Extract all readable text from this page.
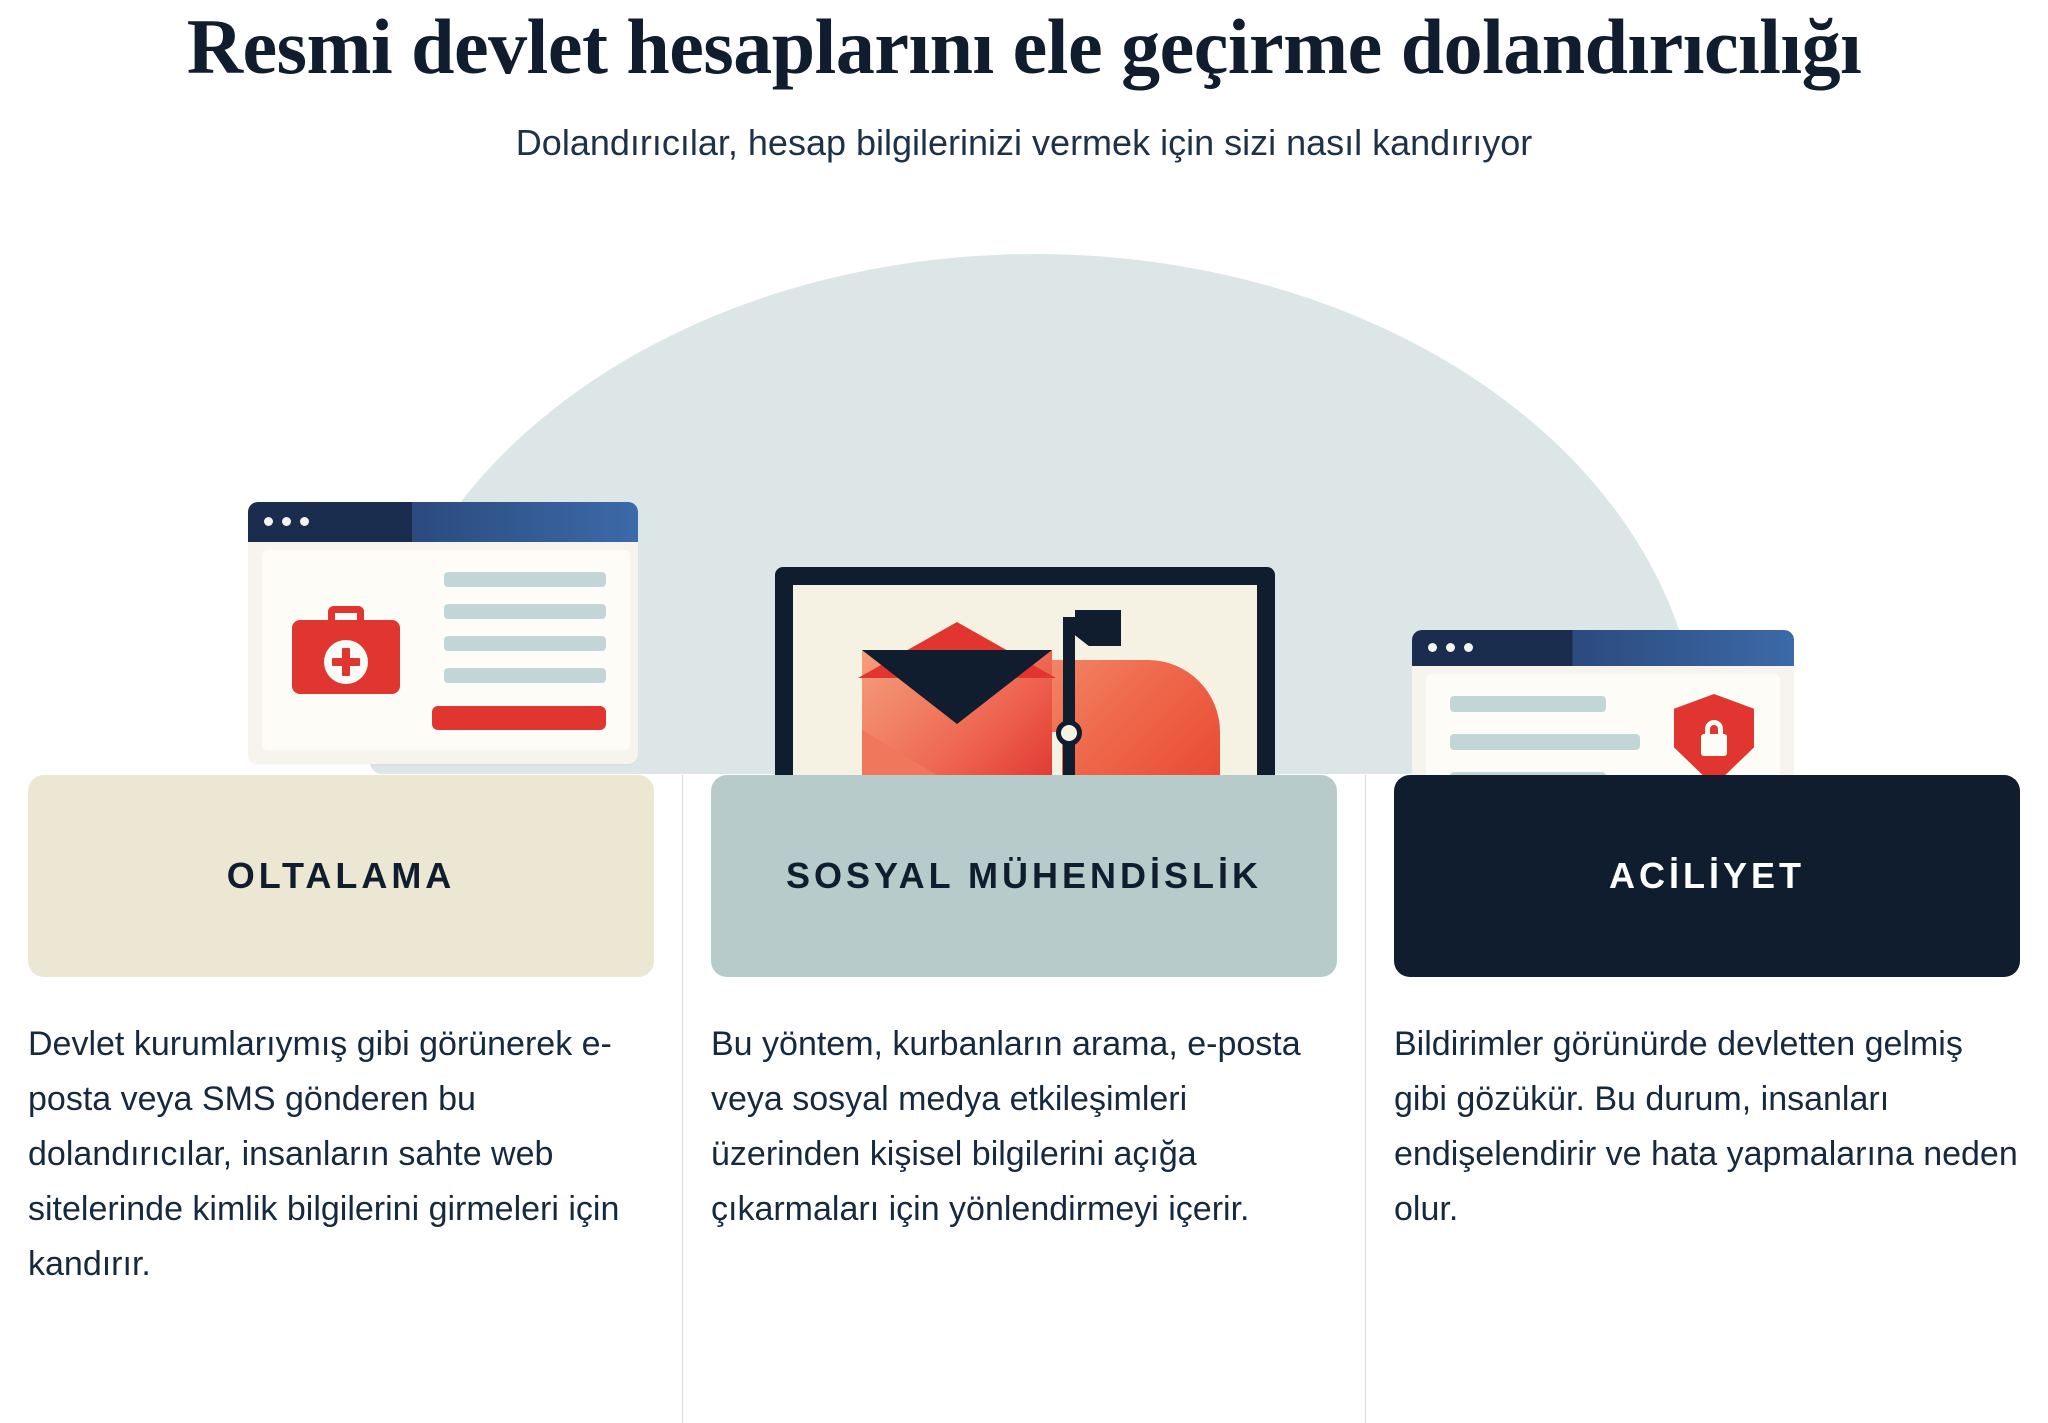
Resmi devlet hesaplarını ele geçirme dolandırıcılığı

Dolandırıcılar, hesap bilgilerinizi vermek için sizi nasıl kandırıyor

OLTALAMA
Devlet kurumlarıymış gibi görünerek e-posta veya SMS gönderen bu dolandırıcılar, insanların sahte web sitelerinde kimlik bilgilerini girmeleri için kandırır.
SOSYAL MÜHENDİSLİK
Bu yöntem, kurbanların arama, e-posta veya sosyal medya etkileşimleri üzerinden kişisel bilgilerini açığa çıkarmaları için yönlendirmeyi içerir.
ACİLİYET
Bildirimler görünürde devletten gelmiş gibi gözükür. Bu durum, insanları endişelendirir ve hata yapmalarına neden olur.
